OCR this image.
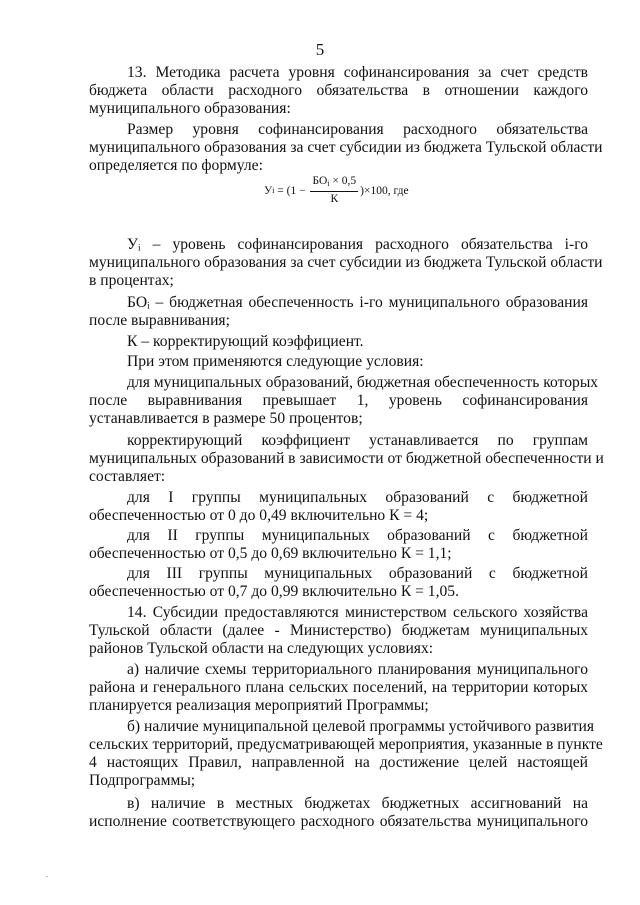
5
13. Методика расчета уровня софинансирования за счет средств
бюджета области расходного обязательства в отношении каждого
муниципального образования:
Размер уровня софинансирования расходного обязательства
муниципального образования за счет субсидии из бюджета Тульской области
определяется по формуле:
У $i = (1 - \frac{БО_i \times 0,5}{К} )\times 100$, где
Уᵢ – уровень софинансирования расходного обязательства i-го
муниципального образования за счет субсидии из бюджета Тульской области
в процентах;
БОᵢ – бюджетная обеспеченность i-го муниципального образования
после выравнивания;
К – корректирующий коэффициент.
При этом применяются следующие условия:
для муниципальных образований, бюджетная обеспеченность которых
после выравнивания превышает 1, уровень софинансирования
устанавливается в размере 50 процентов;
корректирующий коэффициент устанавливается по группам
муниципальных образований в зависимости от бюджетной обеспеченности и
составляет:
для I группы муниципальных образований с бюджетной
обеспеченностью от 0 до 0,49 включительно К = 4;
для II группы муниципальных образований с бюджетной
обеспеченностью от 0,5 до 0,69 включительно К = 1,1;
для III группы муниципальных образований с бюджетной
обеспеченностью от 0,7 до 0,99 включительно К = 1,05.
14. Субсидии предоставляются министерством сельского хозяйства
Тульской области (далее - Министерство) бюджетам муниципальных
районов Тульской области на следующих условиях:
а) наличие схемы территориального планирования муниципального
района и генерального плана сельских поселений, на территории которых
планируется реализация мероприятий Программы;
б) наличие муниципальной целевой программы устойчивого развития
сельских территорий, предусматривающей мероприятия, указанные в пункте
4 настоящих Правил, направленной на достижение целей настоящей
Подпрограммы;
в) наличие в местных бюджетах бюджетных ассигнований на
исполнение соответствующего расходного обязательства муниципального
